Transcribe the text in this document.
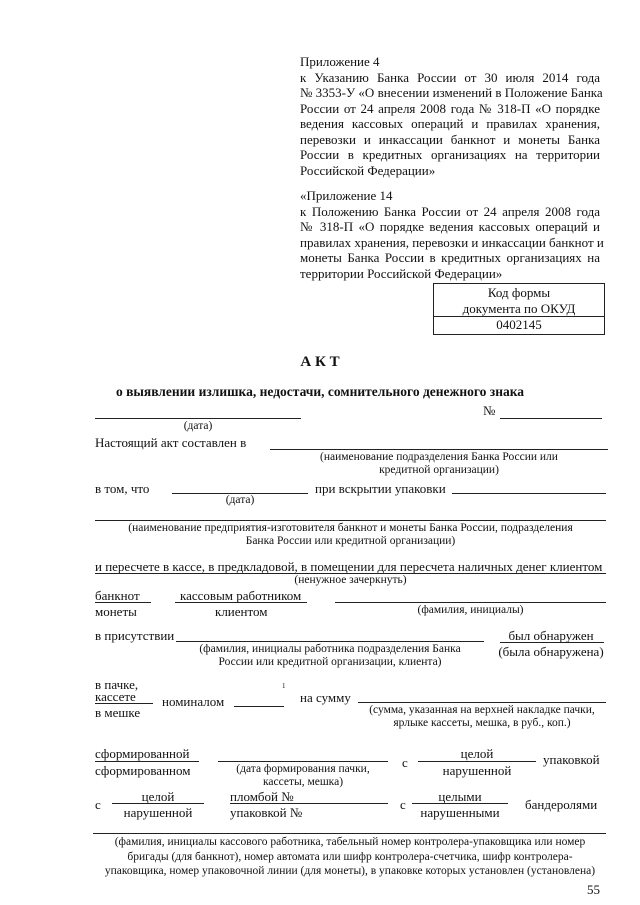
Приложение 4
к Указанию Банка России от 30 июля 2014 года
№ 3353-У «О внесении изменений в Положение Банка
России от 24 апреля 2008 года № 318-П «О порядке
ведения кассовых операций и правилах хранения,
перевозки и инкассации банкнот и монеты Банка
России в кредитных организациях на территории
Российской Федерации»
«Приложение 14
к Положению Банка России от 24 апреля 2008 года
№ 318-П «О порядке ведения кассовых операций и
правилах хранения, перевозки и инкассации банкнот и
монеты Банка России в кредитных организациях на
территории Российской Федерации»
Код формы
документа по ОКУД
0402145
А К Т
о выявлении излишка, недостачи, сомнительного денежного знака
(дата)
№
Настоящий акт составлен в
(наименование подразделения Банка России или
кредитной организации)
в том, что
(дата)
при вскрытии упаковки
(наименование предприятия-изготовителя банкнот и монеты Банка России, подразделения
Банка России или кредитной организации)
и пересчете в кассе, в предкладовой, в помещении для пересчета наличных денег клиентом
(ненужное зачеркнуть)
банкнот
монеты
кассовым работником
клиентом	(фамилия, инициалы)
в присутствии
(фамилия, инициалы работника подразделения Банка
России или кредитной организации, клиента)
был обнаружен
(была обнаружена)
в пачке,
кассете
в мешке
номиналом
1
на сумму
(сумма, указанная на верхней накладке пачки,
ярлыке кассеты, мешка, в руб., коп.)
сформированной
сформированном	(дата формирования пачки,
кассеты, мешка)
с
целой
нарушенной
упаковкой
с
целой
нарушенной
пломбой №
упаковкой №
с
целыми
нарушенными
бандеролями
(фамилия, инициалы кассового работника, табельный номер контролера-упаковщика или номер
бригады (для банкнот), номер автомата или шифр контролера-счетчика, шифр контролера-
упаковщика, номер упаковочной линии (для монеты), в упаковке которых установлен (установлена)
55
